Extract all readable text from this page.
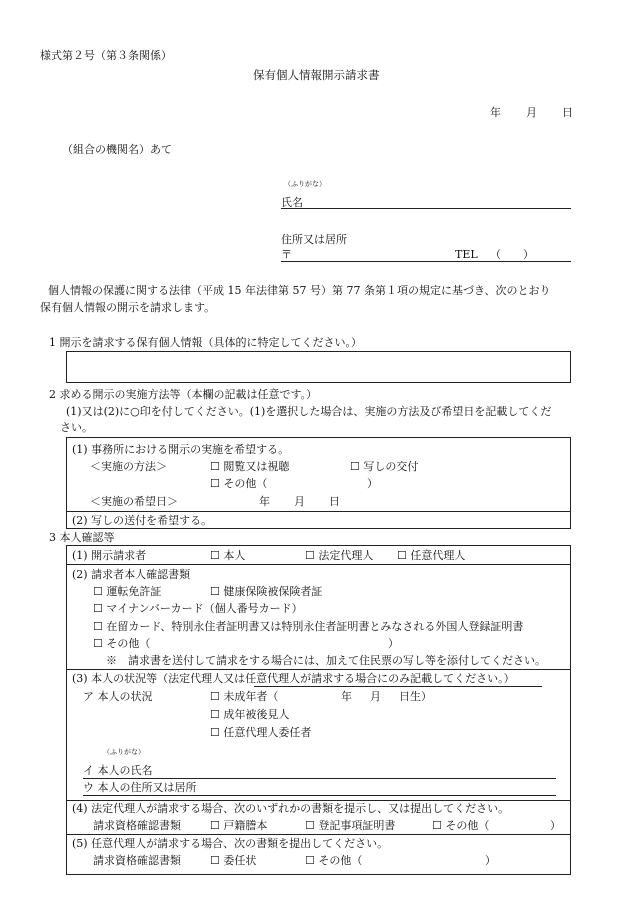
様式第２号（第３条関係）
保有個人情報開示請求書
年 月 日
（組合の機関名）あて
（ふりがな）
氏名
住所又は居所
〒	TEL （　　）
個人情報の保護に関する法律（平成 15 年法律第 57 号）第 77 条第１項の規定に基づき、次のとおり
保有個人情報の開示を請求します。
1 開示を請求する保有個人情報（具体的に特定してください。）
2 求める開示の実施方法等（本欄の記載は任意です。）
(1)又は(2)に○印を付してください。(1)を選択した場合は、実施の方法及び希望日を記載してくだ
さい。
(1) 事務所における開示の実施を希望する。
＜実施の方法＞	☐ 閲覧又は視聴	☐ 写しの交付
☐ その他（	）
＜実施の希望日＞	年 月 日
(2) 写しの送付を希望する。
3 本人確認等
(1) 開示請求者	☐ 本人	☐ 法定代理人 ☐ 任意代理人
(2) 請求者本人確認書類
☐ 運転免許証	☐ 健康保険被保険者証
☐ マイナンバーカード（個人番号カード）
☐ 在留カード、特別永住者証明書又は特別永住者証明書とみなされる外国人登録証明書
☐ その他（	）
※　請求書を送付して請求をする場合には、加えて住民票の写し等を添付してください。
(3) 本人の状況等（法定代理人又は任意代理人が請求する場合にのみ記載してください。）
ア 本人の状況	☐ 未成年者（	年 月 日生）
☐ 成年被後見人
☐ 任意代理人委任者
（ふりがな）
イ 本人の氏名
ウ 本人の住所又は居所
(4) 法定代理人が請求する場合、次のいずれかの書類を提示し、又は提出してください。
請求資格確認書類	☐ 戸籍謄本	☐ 登記事項証明書	☐ その他（	）
(5) 任意代理人が請求する場合、次の書類を提出してください。
請求資格確認書類	☐ 委任状	☐ その他（	）
